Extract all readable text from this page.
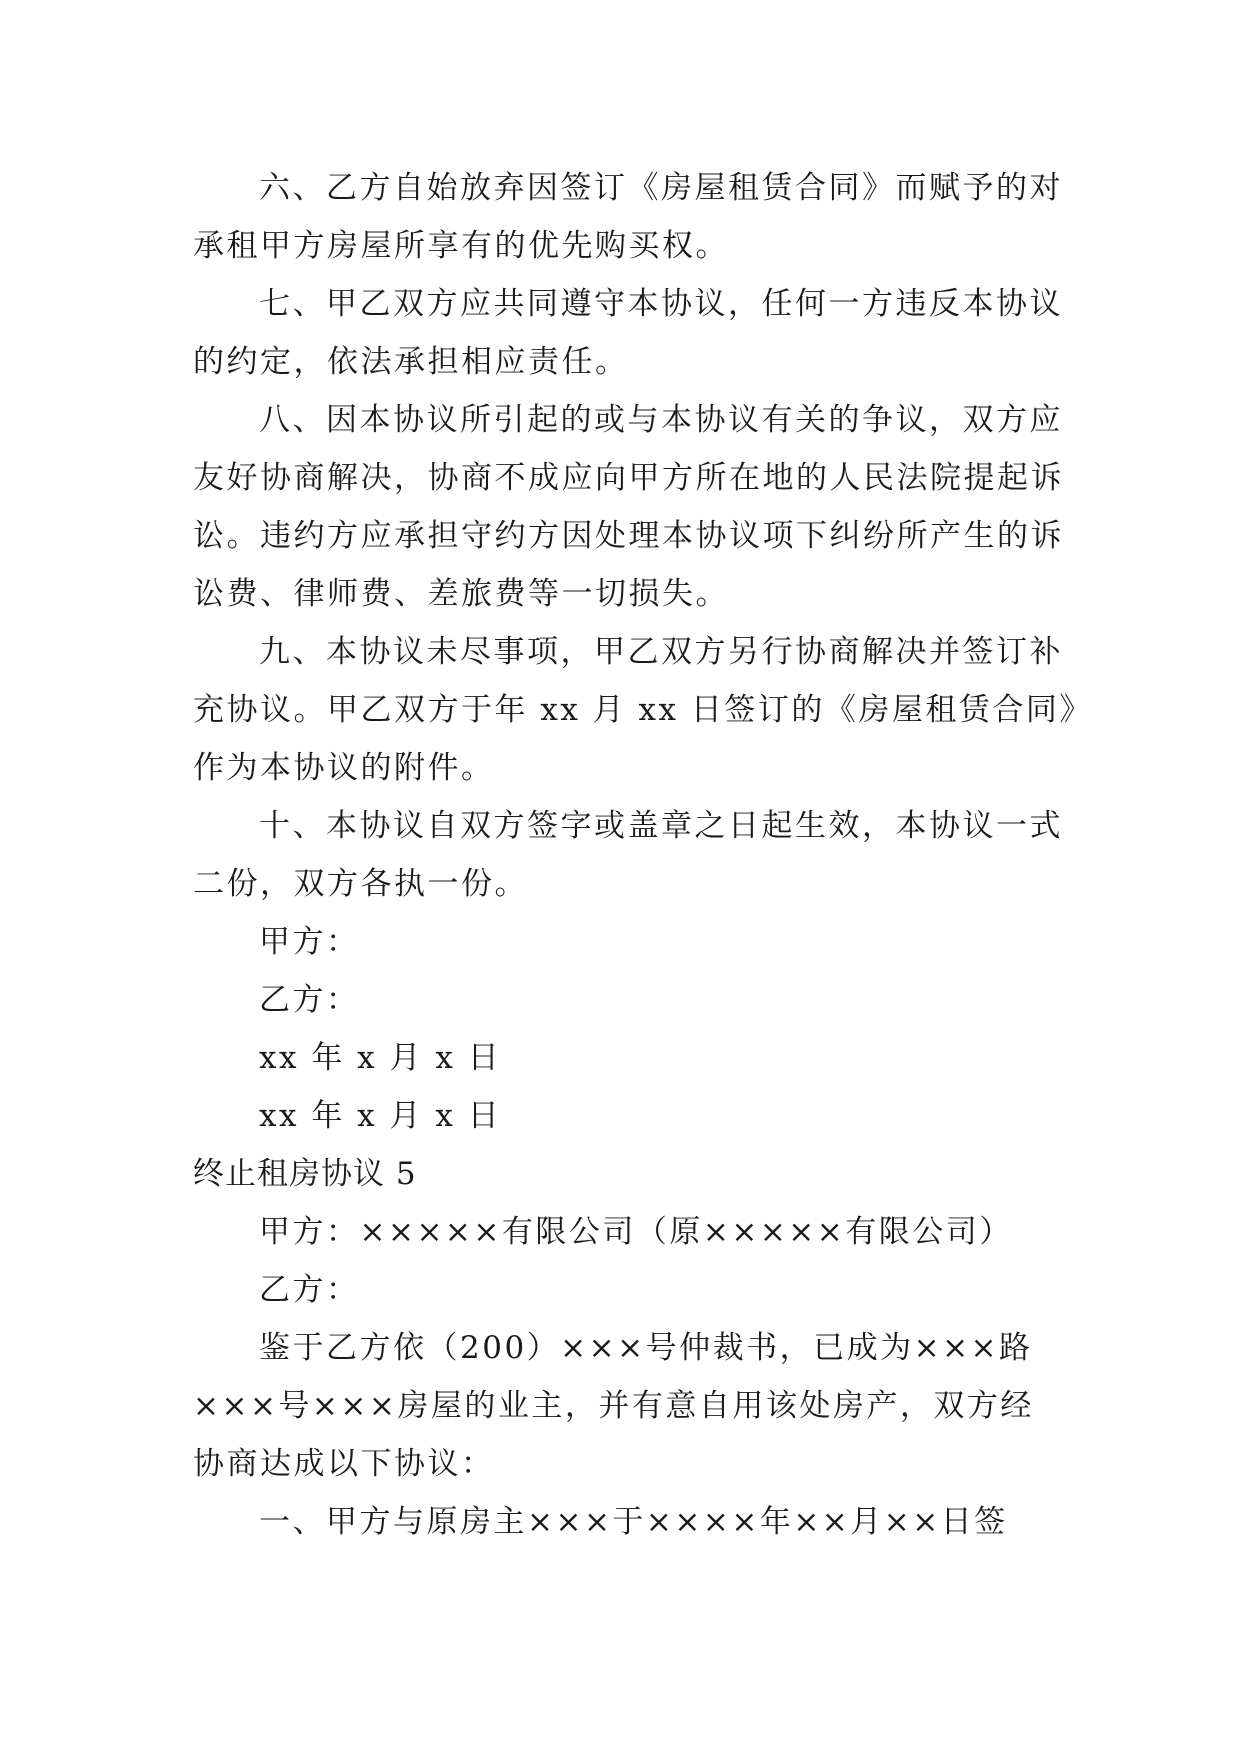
六、乙方自始放弃因签订《房屋租赁合同》而赋予的对
承租甲方房屋所享有的优先购买权。
七、甲乙双方应共同遵守本协议，任何一方违反本协议
的约定，依法承担相应责任。
八、因本协议所引起的或与本协议有关的争议，双方应
友好协商解决，协商不成应向甲方所在地的人民法院提起诉
讼。违约方应承担守约方因处理本协议项下纠纷所产生的诉
讼费、律师费、差旅费等一切损失。
九、本协议未尽事项，甲乙双方另行协商解决并签订补
充协议。甲乙双方于年 xx 月 xx 日签订的《房屋租赁合同》
作为本协议的附件。
十、本协议自双方签字或盖章之日起生效，本协议一式
二份，双方各执一份。
甲方：
乙方：
xx 年 x 月 x 日
xx 年 x 月 x 日
终止租房协议 5
甲方：×××××有限公司（原×××××有限公司）
乙方：
鉴于乙方依（200）×××号仲裁书，已成为×××路
×××号×××房屋的业主，并有意自用该处房产，双方经
协商达成以下协议：
一、甲方与原房主×××于××××年××月××日签
